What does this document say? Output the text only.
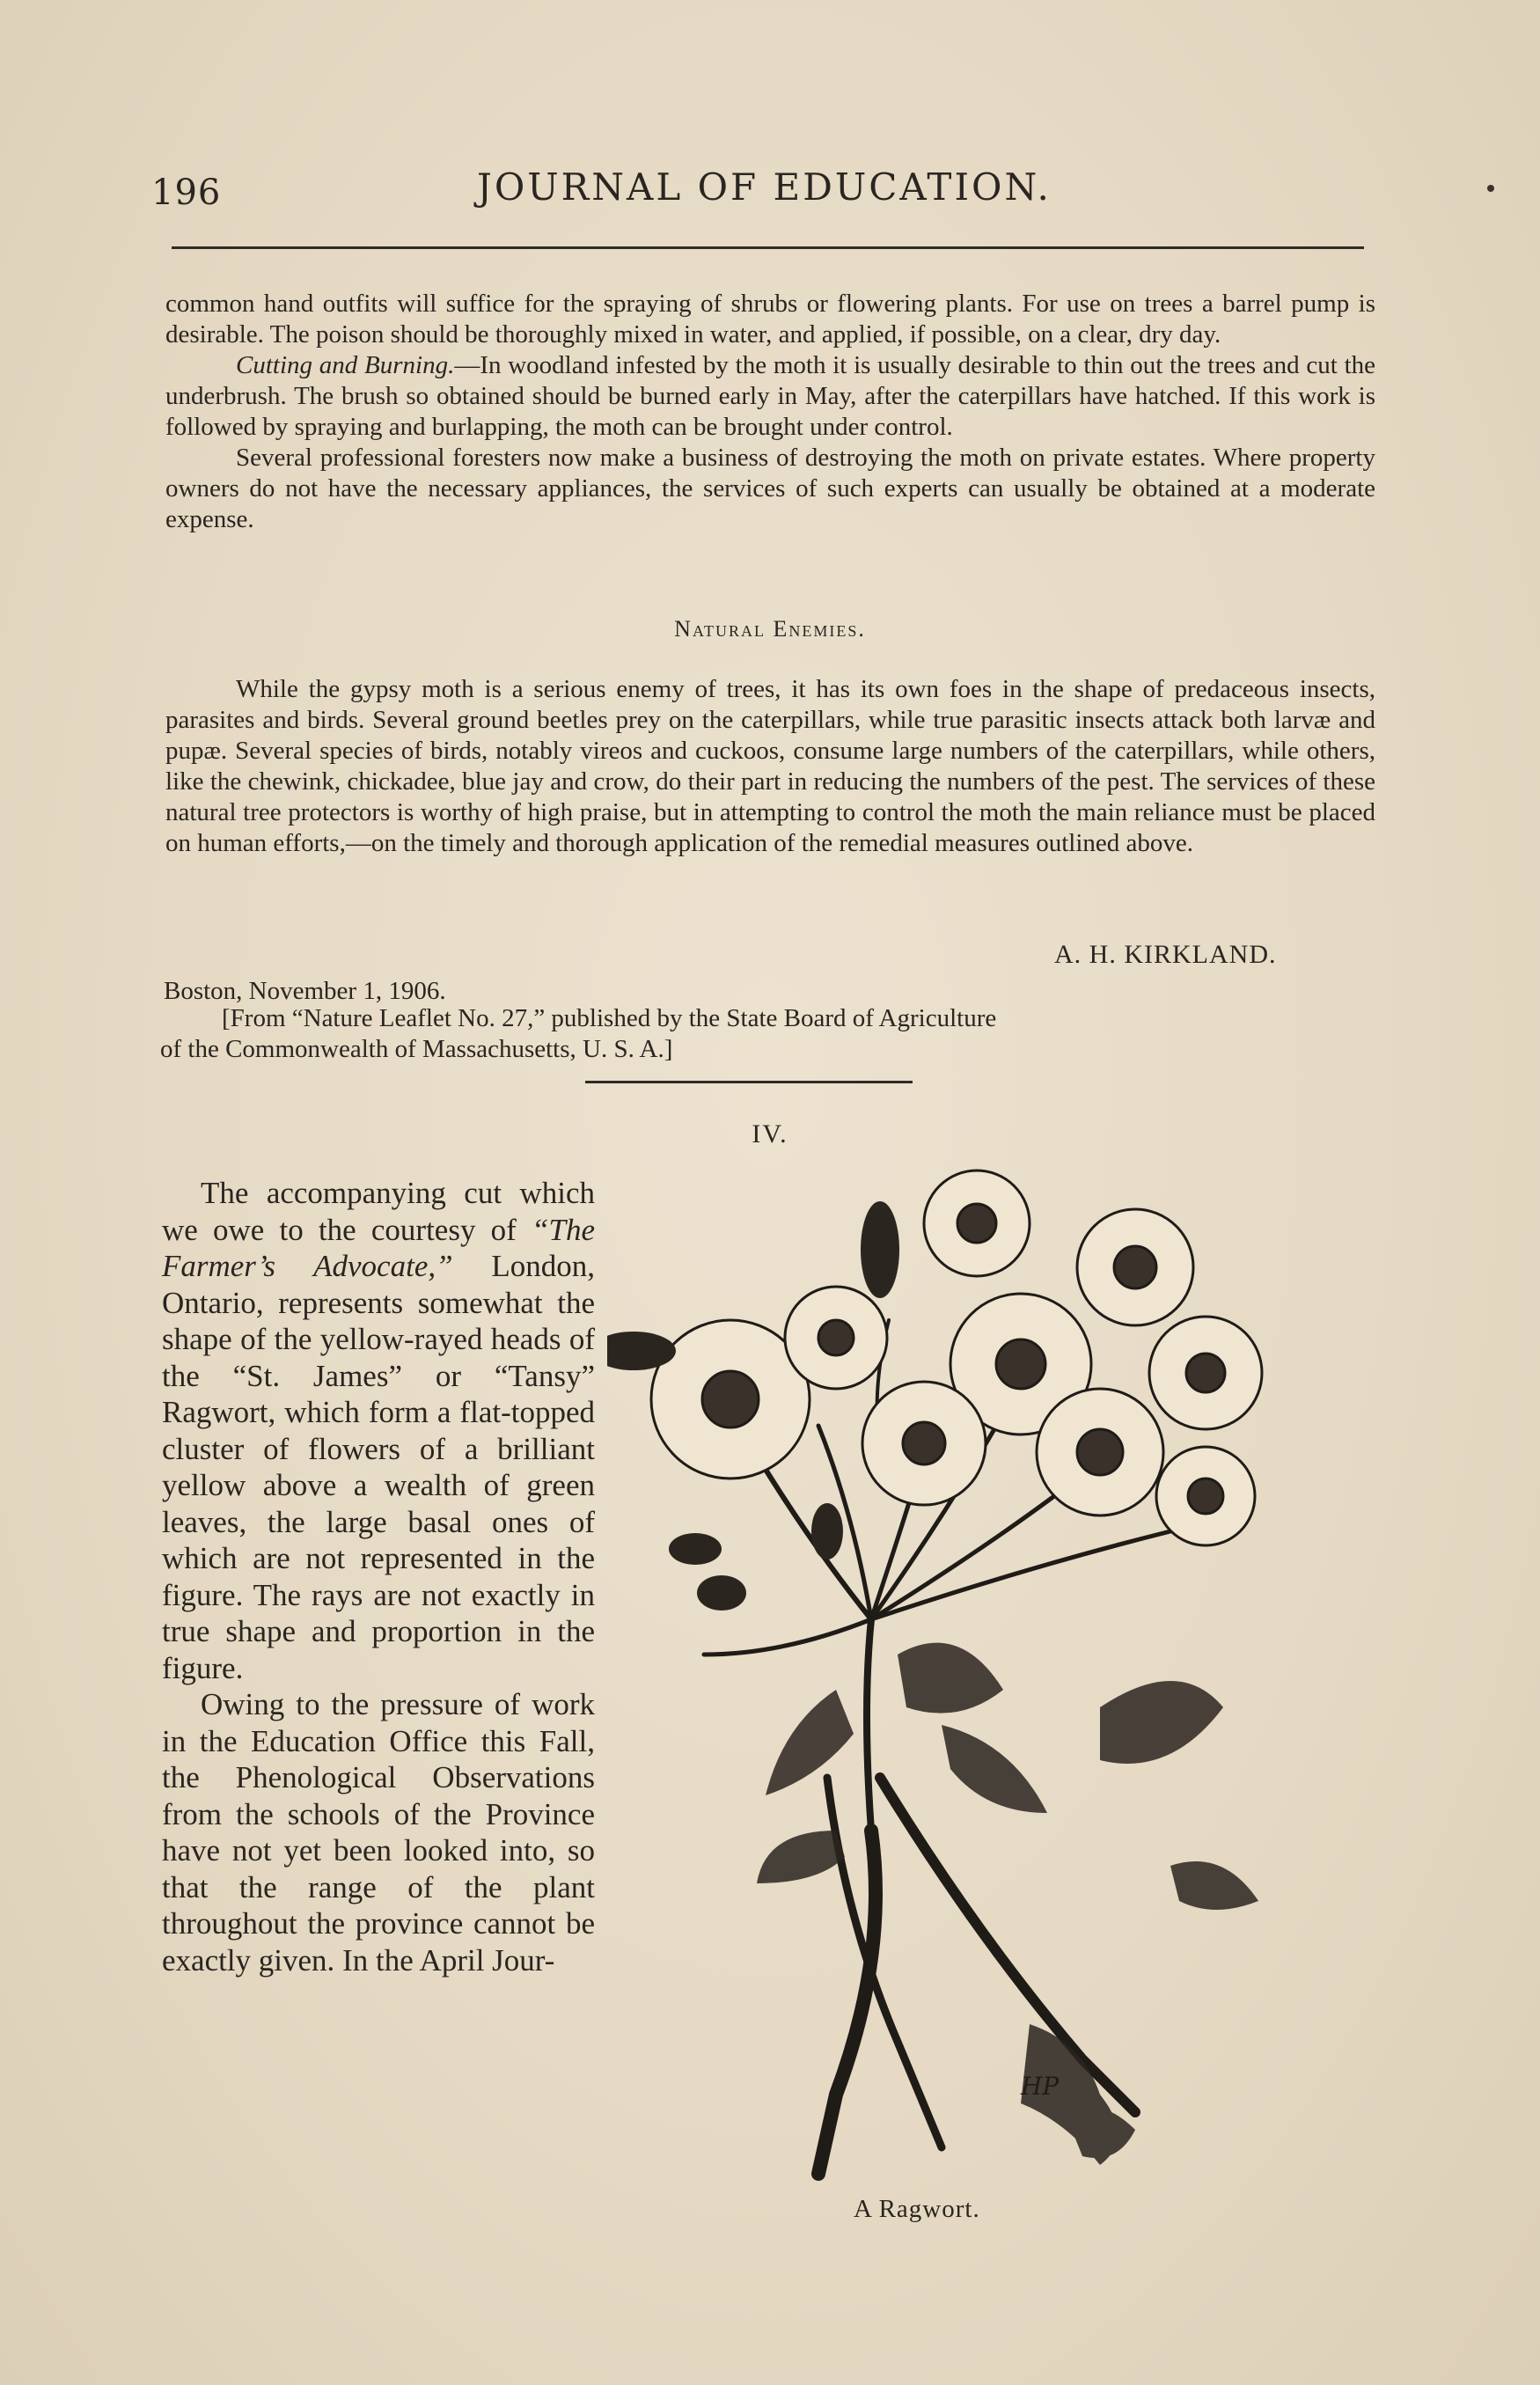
196	JOURNAL OF EDUCATION.

common hand outfits will suffice for the spraying of shrubs or flowering plants. For use on trees a barrel pump is desirable. The poison should be thoroughly mixed in water, and applied, if possible, on a clear, dry day.

Cutting and Burning.—In woodland infested by the moth it is usually desirable to thin out the trees and cut the underbrush. The brush so obtained should be burned early in May, after the caterpillars have hatched. If this work is followed by spraying and burlapping, the moth can be brought under control.

Several professional foresters now make a business of destroying the moth on private estates. Where property owners do not have the necessary appliances, the services of such experts can usually be obtained at a moderate expense.

Natural Enemies.

While the gypsy moth is a serious enemy of trees, it has its own foes in the shape of predaceous insects, parasites and birds. Several ground beetles prey on the caterpillars, while true parasitic insects attack both larvæ and pupæ. Several species of birds, notably vireos and cuckoos, consume large numbers of the caterpillars, while others, like the chewink, chickadee, blue jay and crow, do their part in reducing the numbers of the pest. The services of these natural tree protectors is worthy of high praise, but in attempting to control the moth the main reliance must be placed on human efforts,—on the timely and thorough application of the remedial measures outlined above.

A. H. KIRKLAND.
Boston, November 1, 1906.

[From “Nature Leaflet No. 27,” published by the State Board of Agriculture

of the Commonwealth of Massachusetts, U. S. A.]

IV.

The accompanying cut which we owe to the courtesy of “The Farmer’s Advocate,” London, Ontario, represents somewhat the shape of the yellow-rayed heads of the “St. James” or “Tansy” Ragwort, which form a flat-topped cluster of flowers of a brilliant yellow above a wealth of green leaves, the large basal ones of which are not represented in the figure. The rays are not exactly in true shape and proportion in the figure.

Owing to the pressure of work in the Education Office this Fall, the Phenological Observations from the schools of the Province have not yet been looked into, so that the range of the plant throughout the province cannot be exactly given. In the April Jour-

HP
A Ragwort.
